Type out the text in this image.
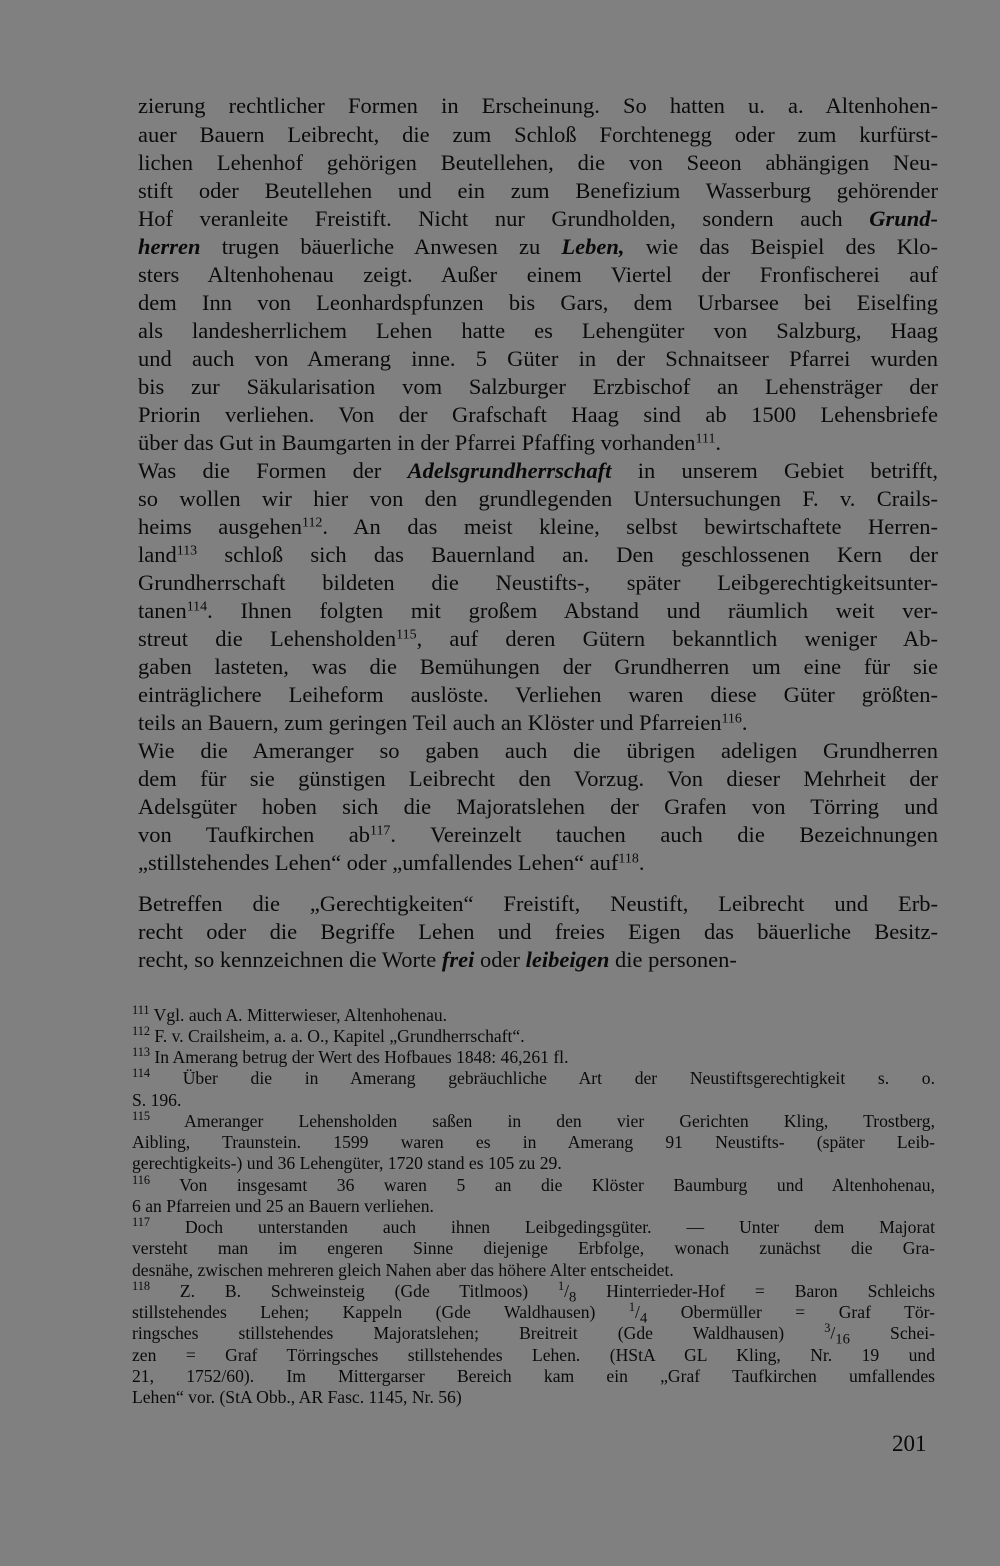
zierung rechtlicher Formen in Erscheinung. So hatten u. a. Altenhohen-
auer Bauern Leibrecht, die zum Schloß Forchtenegg oder zum kurfürst-
lichen Lehenhof gehörigen Beutellehen, die von Seeon abhängigen Neu-
stift oder Beutellehen und ein zum Benefizium Wasserburg gehörender
Hof veranleite Freistift. Nicht nur Grundholden, sondern auch Grund-
herren trugen bäuerliche Anwesen zu Leben, wie das Beispiel des Klo-
sters Altenhohenau zeigt. Außer einem Viertel der Fronfischerei auf
dem Inn von Leonhardspfunzen bis Gars, dem Urbarsee bei Eiselfing
als landesherrlichem Lehen hatte es Lehengüter von Salzburg, Haag
und auch von Amerang inne. 5 Güter in der Schnaitseer Pfarrei wurden
bis zur Säkularisation vom Salzburger Erzbischof an Lehensträger der
Priorin verliehen. Von der Grafschaft Haag sind ab 1500 Lehensbriefe
über das Gut in Baumgarten in der Pfarrei Pfaffing vorhanden$^{111}$.
Was die Formen der Adelsgrundherrschaft in unserem Gebiet betrifft,
so wollen wir hier von den grundlegenden Untersuchungen F. v. Crails-
heims ausgehen$^{112}$. An das meist kleine, selbst bewirtschaftete Herren-
land$^{113}$ schloß sich das Bauernland an. Den geschlossenen Kern der
Grundherrschaft bildeten die Neustifts-, später Leibgerechtigkeitsunter-
tanen$^{114}$. Ihnen folgten mit großem Abstand und räumlich weit ver-
streut die Lehensholden$^{115}$, auf deren Gütern bekanntlich weniger Ab-
gaben lasteten, was die Bemühungen der Grundherren um eine für sie
einträglichere Leiheform auslöste. Verliehen waren diese Güter größten-
teils an Bauern, zum geringen Teil auch an Klöster und Pfarreien$^{116}$.
Wie die Ameranger so gaben auch die übrigen adeligen Grundherren
dem für sie günstigen Leibrecht den Vorzug. Von dieser Mehrheit der
Adelsgüter hoben sich die Majoratslehen der Grafen von Törring und
von Taufkirchen $ab^{117}$. Vereinzelt tauchen auch die Bezeichnungen
„stillstehendes Lehen“ oder „umfallendes Lehen“ auf$^{118}$.
Betreffen die „Gerechtigkeiten“ Freistift, Neustift, Leibrecht und Erb-
recht oder die Begriffe Lehen und freies Eigen das bäuerliche Besitz-
recht, so kennzeichnen die Worte frei oder leibeigen die personen-
$^{111}$ Vgl. auch A. Mitterwieser, Altenhohenau.
$^{112}$ F. v. Crailsheim, a. a. O., Kapitel „Grundherrschaft“.
$^{113}$ In Amerang betrug der Wert des Hofbaues 1848: 46,261 fl.
$^{114}$ Über die in Amerang gebräuchliche Art der Neustiftsgerechtigkeit s. o.
S. 196.
$^{115}$ Ameranger Lehensholden saßen in den vier Gerichten Kling, Trostberg,
Aibling, Traunstein. 1599 waren es in Amerang 91 Neustifts- (später Leib-
gerechtigkeits-) und 36 Lehengüter, 1720 stand es 105 zu 29.
$^{116}$ Von insgesamt 36 waren 5 an die Klöster Baumburg und Altenhohenau,
6 an Pfarreien und 25 an Bauern verliehen.
$^{117}$ Doch unterstanden auch ihnen Leibgedingsgüter. — Unter dem Majorat
versteht man im engeren Sinne diejenige Erbfolge, wonach zunächst die Gra-
desnähe, zwischen mehreren gleich Nahen aber das höhere Alter entscheidet.
$^{118}$ Z. B. Schweinsteig (Gde Titlmoos) $^1/_8$ Hinterrieder-Hof = Baron Schleichs
stillstehendes Lehen; Kappeln (Gde Waldhausen) $^1/_4$ Obermüller = Graf Tör-
ringsches stillstehendes Majoratslehen; Breitreit (Gde Waldhausen) $^3/_{16}$ Schei-
zen = Graf Törringsches stillstehendes Lehen. (HStA GL Kling, Nr. 19 und
21, 1752/60). Im Mittergarser Bereich kam ein „Graf Taufkirchen umfallendes
Lehen“ vor. (StA Obb., AR Fasc. 1145, Nr. 56)
201
